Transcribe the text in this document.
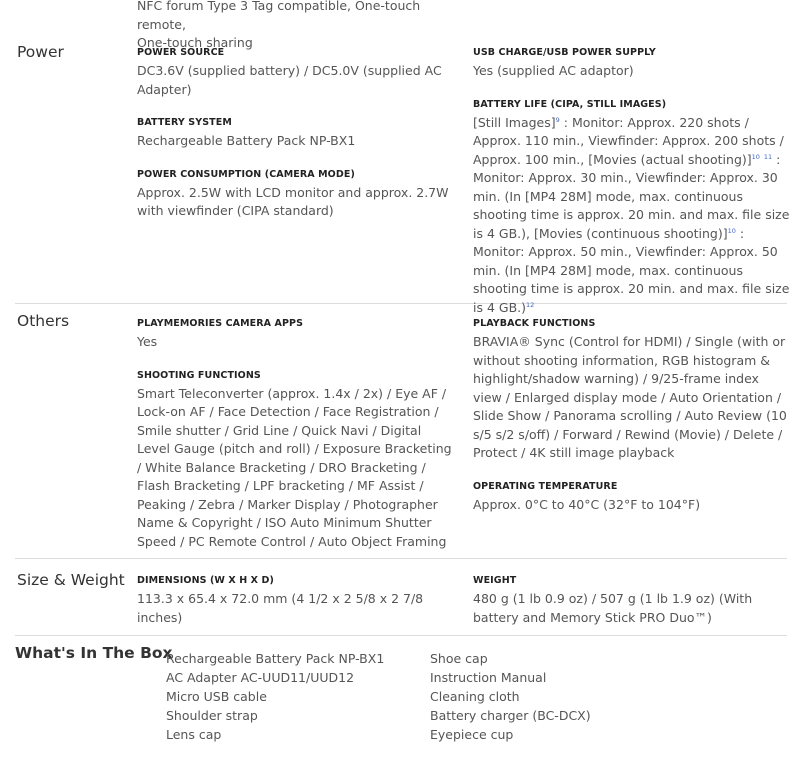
NFC forum Type 3 Tag compatible, One-touch remote,
One-touch sharing
Power	POWER SOURCE
DC3.6V (supplied battery) / DC5.0V (supplied AC Adapter)
BATTERY SYSTEM
Rechargeable Battery Pack NP-BX1
POWER CONSUMPTION (CAMERA MODE)
Approx. 2.5W with LCD monitor and approx. 2.7W with viewfinder (CIPA standard)
USB CHARGE/USB POWER SUPPLY
Yes (supplied AC adaptor)
BATTERY LIFE (CIPA, STILL IMAGES)
[Still Images]$^9$ : Monitor: Approx. 220 shots / Approx. 110 min., Viewfinder: Approx. 200 shots / Approx. 100 min., [Movies (actual shooting)]$^{10}$ $^{11}$ : Monitor: Approx. 30 min., Viewfinder: Approx. 30 min. (In [MP4 28M] mode, max. continuous shooting time is approx. 20 min. and max. file size is 4 GB.), [Movies (continuous shooting)]$^{10}$ : Monitor: Approx. 50 min., Viewfinder: Approx. 50 min. (In [MP4 28M] mode, max. continuous shooting time is approx. 20 min. and max. file size is 4 GB.)$^{12}$
Others	PLAYMEMORIES CAMERA APPS
Yes
SHOOTING FUNCTIONS
Smart Teleconverter (approx. 1.4x / 2x) / Eye AF / Lock-on AF / Face Detection / Face Registration / Smile shutter / Grid Line / Quick Navi / Digital Level Gauge (pitch and roll) / Exposure Bracketing / White Balance Bracketing / DRO Bracketing / Flash Bracketing / LPF bracketing / MF Assist / Peaking / Zebra / Marker Display / Photographer Name & Copyright / ISO Auto Minimum Shutter Speed / PC Remote Control / Auto Object Framing
PLAYBACK FUNCTIONS
BRAVIA® Sync (Control for HDMI) / Single (with or without shooting information, RGB histogram & highlight/shadow warning) / 9/25-frame index view / Enlarged display mode / Auto Orientation / Slide Show / Panorama scrolling / Auto Review (10 s/5 s/2 s/off) / Forward / Rewind (Movie) / Delete / Protect / 4K still image playback
OPERATING TEMPERATURE
Approx. 0°C to 40°C (32°F to 104°F)
Size & Weight DIMENSIONS (W X H X D)
113.3 x 65.4 x 72.0 mm (4 1/2 x 2 5/8 x 2 7/8 inches)
WEIGHT
480 g (1 lb 0.9 oz) / 507 g (1 lb 1.9 oz) (With battery and Memory Stick PRO Duo™)
What's In The Box
Rechargeable Battery Pack NP-BX1
AC Adapter AC-UUD11/UUD12
Micro USB cable
Shoulder strap
Lens cap
Shoe cap
Instruction Manual
Cleaning cloth
Battery charger (BC-DCX)
Eyepiece cup
